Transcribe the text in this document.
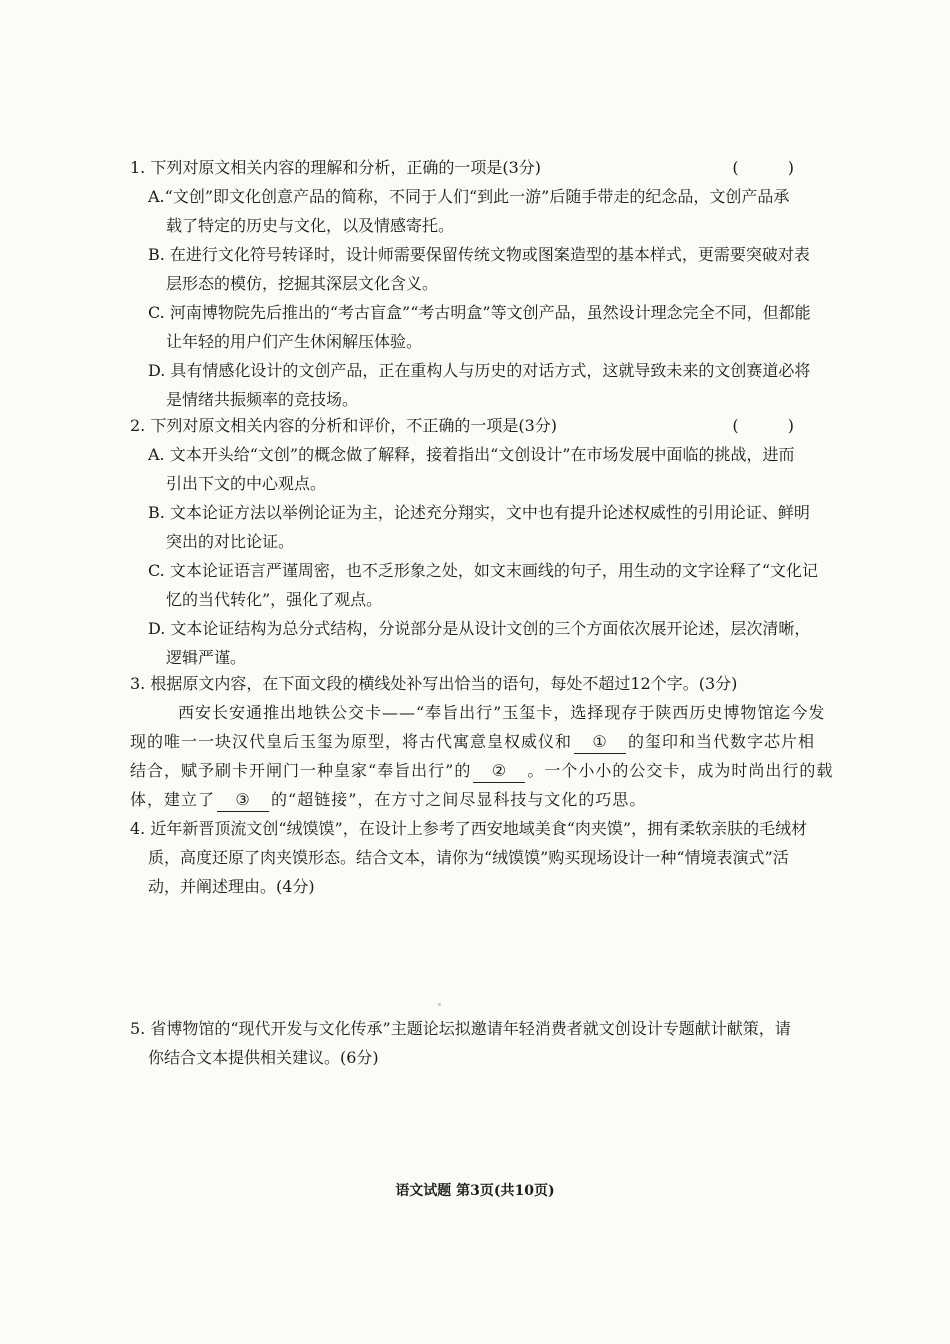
1. 下列对原文相关内容的理解和分析，正确的一项是(3分)	( )
A.“文创”即文化创意产品的简称，不同于人们“到此一游”后随手带走的纪念品，文创产品承
载了特定的历史与文化，以及情感寄托。
B. 在进行文化符号转译时，设计师需要保留传统文物或图案造型的基本样式，更需要突破对表
层形态的模仿，挖掘其深层文化含义。
C. 河南博物院先后推出的“考古盲盒”“考古明盒”等文创产品，虽然设计理念完全不同，但都能
让年轻的用户们产生休闲解压体验。
D. 具有情感化设计的文创产品，正在重构人与历史的对话方式，这就导致未来的文创赛道必将
是情绪共振频率的竞技场。
2. 下列对原文相关内容的分析和评价，不正确的一项是(3分)	( )
A. 文本开头给“文创”的概念做了解释，接着指出“文创设计”在市场发展中面临的挑战，进而
引出下文的中心观点。
B. 文本论证方法以举例论证为主，论述充分翔实，文中也有提升论述权威性的引用论证、鲜明
突出的对比论证。
C. 文本论证语言严谨周密，也不乏形象之处，如文末画线的句子，用生动的文字诠释了“文化记
忆的当代转化”，强化了观点。
D. 文本论证结构为总分式结构，分说部分是从设计文创的三个方面依次展开论述，层次清晰，
逻辑严谨。
3. 根据原文内容，在下面文段的横线处补写出恰当的语句，每处不超过12个字。(3分)
西安长安通推出地铁公交卡——“奉旨出行”玉玺卡，选择现存于陕西历史博物馆迄今发
现的唯一一块汉代皇后玉玺为原型，将古代寓意皇权威仪和 ① 的玺印和当代数字芯片相
结合，赋予刷卡开闸门一种皇家“奉旨出行”的 ② 。一个小小的公交卡，成为时尚出行的载
体，建立了 ③ 的“超链接”，在方寸之间尽显科技与文化的巧思。
4. 近年新晋顶流文创“绒馍馍”，在设计上参考了西安地域美食“肉夹馍”，拥有柔软亲肤的毛绒材
质，高度还原了肉夹馍形态。结合文本，请你为“绒馍馍”购买现场设计一种“情境表演式”活
动，并阐述理由。(4分)
5. 省博物馆的“现代开发与文化传承”主题论坛拟邀请年轻消费者就文创设计专题献计献策，请
你结合文本提供相关建议。(6分)
语文试题 第3页(共10页)
